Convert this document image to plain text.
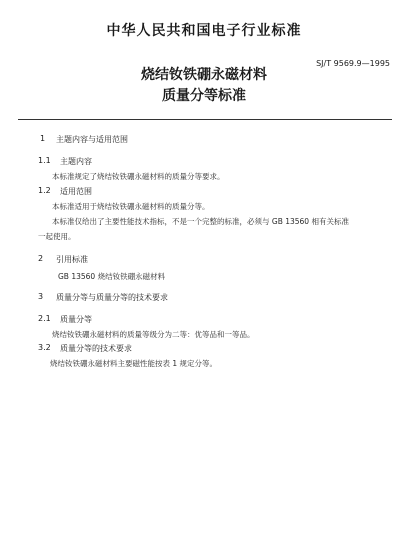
中华人民共和国电子行业标准
SJ/T 9569.9—1995
烧结钕铁硼永磁材料
质量分等标准
1 主题内容与适用范围
1.1 主题内容
本标准规定了烧结钕铁硼永磁材料的质量分等要求。
1.2 适用范围
本标准适用于烧结钕铁硼永磁材料的质量分等。
本标准仅给出了主要性能技术指标，不是一个完整的标准，必须与 GB 13560 相有关标准
一起使用。
2 引用标准
GB 13560 烧结钕铁硼永磁材料
3 质量分等与质量分等的技术要求
2.1 质量分等
烧结钕铁硼永磁材料的质量等级分为二等：优等品和一等品。
3.2 质量分等的技术要求
烧结钕铁硼永磁材料主要磁性能按表 1 规定分等。
